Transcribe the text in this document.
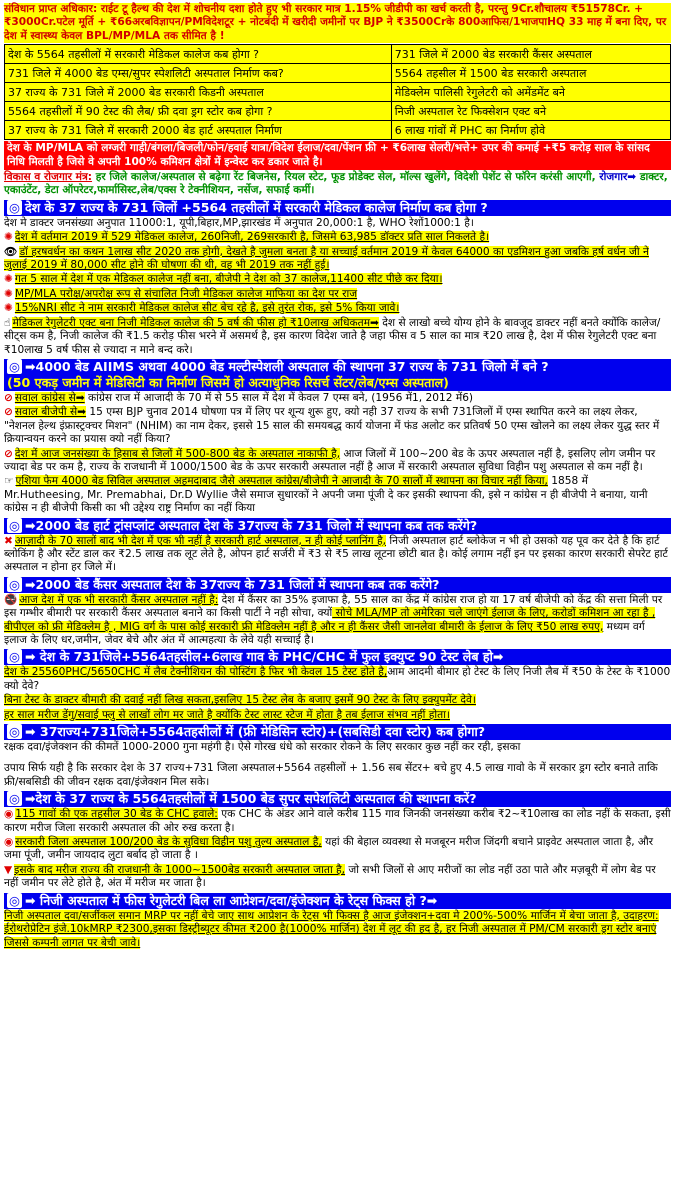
संविधान प्राप्त अधिकार: राईट टू हैल्थ की देश में शोचनीय दशा होते हुए भी सरकार मात्र 1.15% जीडीपी का खर्च करती है, परन्तु 9Cr.शौचालय ₹51578Cr. + ₹3000Cr.पटेल मूर्ति + ₹66अरबविज्ञापन/PMविदेशटूर + नोटबंदी में खरीदी जमीनों पर BJP ने ₹3500Crके 800आफिस/1भाजपाHQ 33 माह में बना दिए, पर देश में स्वास्थ्य केवल BPL/MP/MLA तक सीमित है !

देश के 5564 तहसीलों में सरकारी मेडिकल कालेज कब होगा ?	731 जिले में 2000 बेड सरकारी कैंसर अस्पताल
731 जिले में 4000 बेड एम्स/सुपर स्पेशलिटी अस्पताल निर्माण कब?	5564 तहसील में 1500 बेड सरकारी अस्पताल
37 राज्य के 731 जिले में 2000 बेड सरकारी किडनी अस्पताल	मेडिक्लेम पालिसी रेगुलेटरी को अमेंडमेंट बने
5564 तहसीलों में 90 टेस्ट की लैब/ फ्री दवा ड्रग स्टोर कब होगा ?	निजी अस्पताल रेट फिक्सेशन एक्ट बने
37 राज्य के 731 जिले में सरकारी 2000 बेड हार्ट अस्पताल निर्माण	6 लाख गांवों में PHC का निर्माण होवे
देश के MP/MLA को लग्जरी गाड़ी/बंगला/बिजली/फोन/हवाई यात्रा/विदेश ईलाज/दवा/पेंशन फ्री + ₹6लाख सेलरी/भत्ते+ उपर की कमाई +₹5 करोड़ साल के सांसद निधि मिलती है जिसे वे अपनी 100% कमिशन क्षेत्रों में इन्वेस्ट कर डकार जाते है।

विकास व रोजगार मंत्र: हर जिले कालेज/अस्पताल से बढ़ेगा रेंट बिजनेस, रियल स्टेट, फूड प्रोडेक्ट सेल, मॉल्स खुलेंगे, विदेशी पेशेंट से फॉरेन करंसी आएगी, रोजगार➡ डाक्टर, एकाउंटेंट, डेटा ऑपरेटर,फार्मासिस्ट,लेब/एक्स रे टेक्नीशियन, नर्सेज, सफाई कर्मी।

◎ देश के 37 राज्य के 731 जिलों +5564 तहसीलों में सरकारी मेडिकल कालेज निर्माण कब होगा ?

देश मे डाक्टर जनसंख्या अनुपात 11000:1, यूपी,बिहार,MP,झारखंड में अनुपात 20,000:1 है, WHO रेशों1000:1 है।

✺ देश में वर्तमान 2019 में 529 मेडिकल कालेज, 260निजी, 269सरकारी है, जिसमे 63,985 डॉक्टर प्रति साल निकलते है।

👁 डॉ हरषवर्धन का कथन 1लाख सीट 2020 तक होगी, देखते है जुमला बनता है या सच्चाई वर्तमान 2019 में केवल 64000 का एडमिशन हुआ जबकि हर्ष वर्धन जी ने जुलाई 2019 में 80,000 सीट होने की घोषणा की थी, वह भी 2019 तक नहीं हुई।

✺ गत 5 साल में देश में एक मेडिकल कालेज नहीं बना, बीजेपी ने देश को 37 कालेज,11400 सीट पीछे कर दिया।

✺ MP/MLA परोक्ष/अपरोक्ष रूप से संचालित निजी मेडिकल कालेज माफिया का देश पर राज

✺ 15%NRI सीट ने नाम सरकारी मेडिकल कालेज सीट बेच रहे है, इसे तुरंत रोक, इसे 5% किया जावे।

☝ मेडिकल रेगुलेटरी एक्ट बना निजी मेडिकल कालेज की 5 वर्ष की फीस हो ₹10लाख अधिकतम➡ देश से लाखो बच्चे योग्य होने के बावजूद डाक्टर नहीं बनते क्योंकि कालेज/सीट्स कम है, निजी कालेज की ₹1.5 करोड़ फीस भरने में असमर्थ है, इस कारण विदेश जाते है जहा फीस व 5 साल का मात्र ₹20 लाख है, देश में फीस रेगुलेटरी एक्ट बना ₹10लाख 5 वर्ष फीस से ज्यादा न माने बन्द करे।

◎ ➡4000 बेड AIIMS अथवा 4000 बेड मल्टीस्पेशली अस्पताल की स्थापना 37 राज्य के 731 जिलो में बने ?
(50 एकड़ जमीन में मेडिसिटी का निर्माण जिसमें हो अत्याधुनिक रिसर्च सेंटर/लेब/एम्स अस्पताल)

⊘ सवाल कांग्रेस से➡ कांग्रेस राज में आजादी के 70 में से 55 साल में देश में केवल 7 एम्स बने, (1956 में1, 2012 में6)

⊘ सवाल बीजेपी से➡ 15 एम्स BJP चुनाव 2014 घोषणा पत्र में लिए पर शून्य शुरू हुए, क्यो नही 37 राज्य के सभी 731जिलों में एम्स स्थापित करने का लक्ष्य लेकर, "नेशनल हेल्थ इंफ्रास्ट्रक्चर मिशन" (NHIM) का नाम देकर, इससे 15 साल की समयबद्ध कार्य योजना में फंड अलोट कर प्रतिवर्ष 50 एम्स खोलने का लक्ष्य लेकर युद्ध स्तर में क्रियान्वयन करने का प्रयास क्यो नहीं किया?

⊘ देश में आज जनसंख्या के हिसाब से जिलों में 500-800 बेड के अस्पताल नाकाफी है, आज जिलों में 100~200 बेड के ऊपर अस्पताल नहीं है, इसलिए लोग जमीन पर ज्यादा बेड पर कम है, राज्य के राजधानी में 1000/1500 बेड के ऊपर सरकारी अस्पताल नहीं है आज में सरकारी अस्पताल सुविधा विहीन पशु अस्पताल से कम नहीं है।

☞ एशिया फेम 4000 बेड सिविल अस्पताल अहमदाबाद जैसे अस्पताल कांग्रेस/बीजेपी ने आजादी के 70 सालों में स्थापना का विचार नहीं किया, 1858 में Mr.Hutheesing, Mr. Premabhai, Dr.D Wyllie जैसे समाज सुधारकों ने अपनी जमा पूंजी दे कर इसकी स्थापना की, इसे न कांग्रेस न ही बीजेपी ने बनाया, यानी कांग्रेस न ही बीजेपी किसी का भी उद्देश्य राष्ट्र निर्माण का नहीं किया

◎ ➡2000 बेड हार्ट ट्रांसप्लांट अस्पताल देश के 37राज्य के 731 जिलो में स्थापना कब तक करेंगे?

✖ आज़ादी के 70 सालों बाद भी देश में एक भी नहीं है सरकारी हार्ट अस्पताल, न ही कोई प्लानिंग है, निजी अस्पताल हार्ट ब्लोकेज न भी हो उसको यह पूव कर देते है कि हार्ट ब्लोकिंग है और स्टेंट डाल कर ₹2.5 लाख तक लूट लेते है, ओपन हार्ट सर्जरी में ₹3 से ₹5 लाख लूटना छोटी बात है। कोई लगाम नहीं इन पर इसका कारण सरकारी सेपरेट हार्ट अस्पताल न होना हर जिले में।

◎ ➡2000 बेड कैंसर अस्पताल देश के 37राज्य के 731 जिलों में स्थापना कब तक करेंगे?

🚭 आज देश में एक भी सरकारी कैंसर अस्पताल नहीं है: देश में कैंसर का 35% इजाफा है, 55 साल का केंद्र में कांग्रेस राज हो या 17 वर्ष बीजेपी को केंद्र की सत्ता मिली पर इस गम्भीर बीमारी पर सरकारी कैंसर अस्पताल बनाने का किसी पार्टी ने नही सोचा, क्यों सोचे MLA/MP तो अमेरिका चले जाएंगे ईलाज के लिए, करोड़ों कमिशन आ रहा है , बीपीएल को फ्री मेडिक्लेम है , MIG वर्ग के पास कोई सरकारी फ्री मेडिक्लेम नहीं है और न ही कैंसर जैसी जानलेवा बीमारी के ईलाज के लिए ₹50 लाख रुपए, मध्यम वर्ग इलाज के लिए धर,जमीन, जेवर बेचे और अंत में आत्महत्या के लेवे यही सच्चाई है।

◎ ➡ देश के 731जिले+5564तहसील+6लाख गाव के PHC/CHC में फुल इक्युप्ट 90 टेस्ट लेब हो➡

देश के 25560PHC/5650CHC में लैब टेक्नीशियन की पोस्टिंग है फिर भी केवल 15 टेस्ट होते है,आम आदमी बीमार हो टेस्ट के लिए निजी लैब में ₹50 के टेस्ट के ₹1000 क्यो देवे?

बिना टेस्ट के डाक्टर बीमारी की दवाई नहीं लिख सकता,इसलिए 15 टेस्ट लेब के बजाए इसमें 90 टेस्ट के लिए इक्युपमेंट देवे।

हर साल मरीज डेंगु/सवाई फ्लु से लाखों लोग मर जाते है क्योंकि टेस्ट लास्ट स्टेज में होता है तब ईलाज संभव नहीं होता।

◎ ➡ 37राज्य+731जिले+5564तहसीलों में (फ्री मेडिसिन स्टोर)+(सबसिडी दवा स्टोर) कब होगा?

रक्षक दवा/इंजेक्शन की कीमतें 1000-2000 गुना महंगी है। ऐसे गोरख धंधे को सरकार रोकने के लिए सरकार कुछ नहीं कर रही, इसका

उपाय सिर्फ यही है कि सरकार देश के 37 राज्य+731 जिला अस्पताल+5564 तहसीलों + 1.56 सब सेंटर+ बचे हुए 4.5 लाख गावो के में सरकार ड्रग स्टोर बनाते ताकि फ्री/सबसिडी की जीवन रक्षक दवा/इंजेक्शन मिल सके।

◎ ➡देश के 37 राज्य के 5564तहसीलों में 1500 बेड सुपर सपेशलिटी अस्पताल की स्थापना करें?

◉ 115 गावों की एक तहसील 30 बेड के CHC हवाले: एक CHC के अंडर आने वाले करीब 115 गाव जिनकी जनसंख्या करीब ₹2~₹10लाख का लोड नहीं के सकता, इसी कारण मरीज जिला सरकारी अस्पताल की ओर रुख करता है।

◉ सरकारी जिला अस्पताल 100/200 बेड के सुविधा विहीन पशु तुल्य अस्पताल है, यहां की बेहाल व्यवस्था से मजबूरन मरीज जिंदगी बचाने प्राइवेट अस्पताल जाता है, और जमा पूंजी, जमीन जायदाद लुटा बर्बाद हो जाता है ।

▼ इसके बाद मरीज राज्य की राजधानी के 1000~1500बेड सरकारी अस्पताल जाता है, जो सभी जिलों से आए मरीजों का लोड नहीं उठा पाते और मज़बूरी में लोग बेड पर नहीं जमीन पर लेटे होते है, अंत में मरीज मर जाता है।

◎ ➡ निजी अस्पताल में फीस रेगुलेटरी बिल ला आप्रेशन/दवा/इंजेक्शन के रेट्स फिक्स हो ?➡

निजी अस्पताल दवा/सर्जीकल समान MRP पर नहीं बेचे जाए साथ आप्रेशन के रेट्स भी फिक्स है आज इंजेक्शन+दवा मे 200%-500% मार्जिन में बेचा जाता है, उदाहरण: ईरोथरोप्रेटिन इंजे.10kMRP ₹2300,इसका डिस्ट्रीब्यूटर कीमत ₹200 है(1000% मार्जिन) देश में लूट की हद है, हर निजी अस्पताल में PM/CM सरकारी ड्रग स्टोर बनाएं जिससे कम्पनी लागत पर बेची जावे।
